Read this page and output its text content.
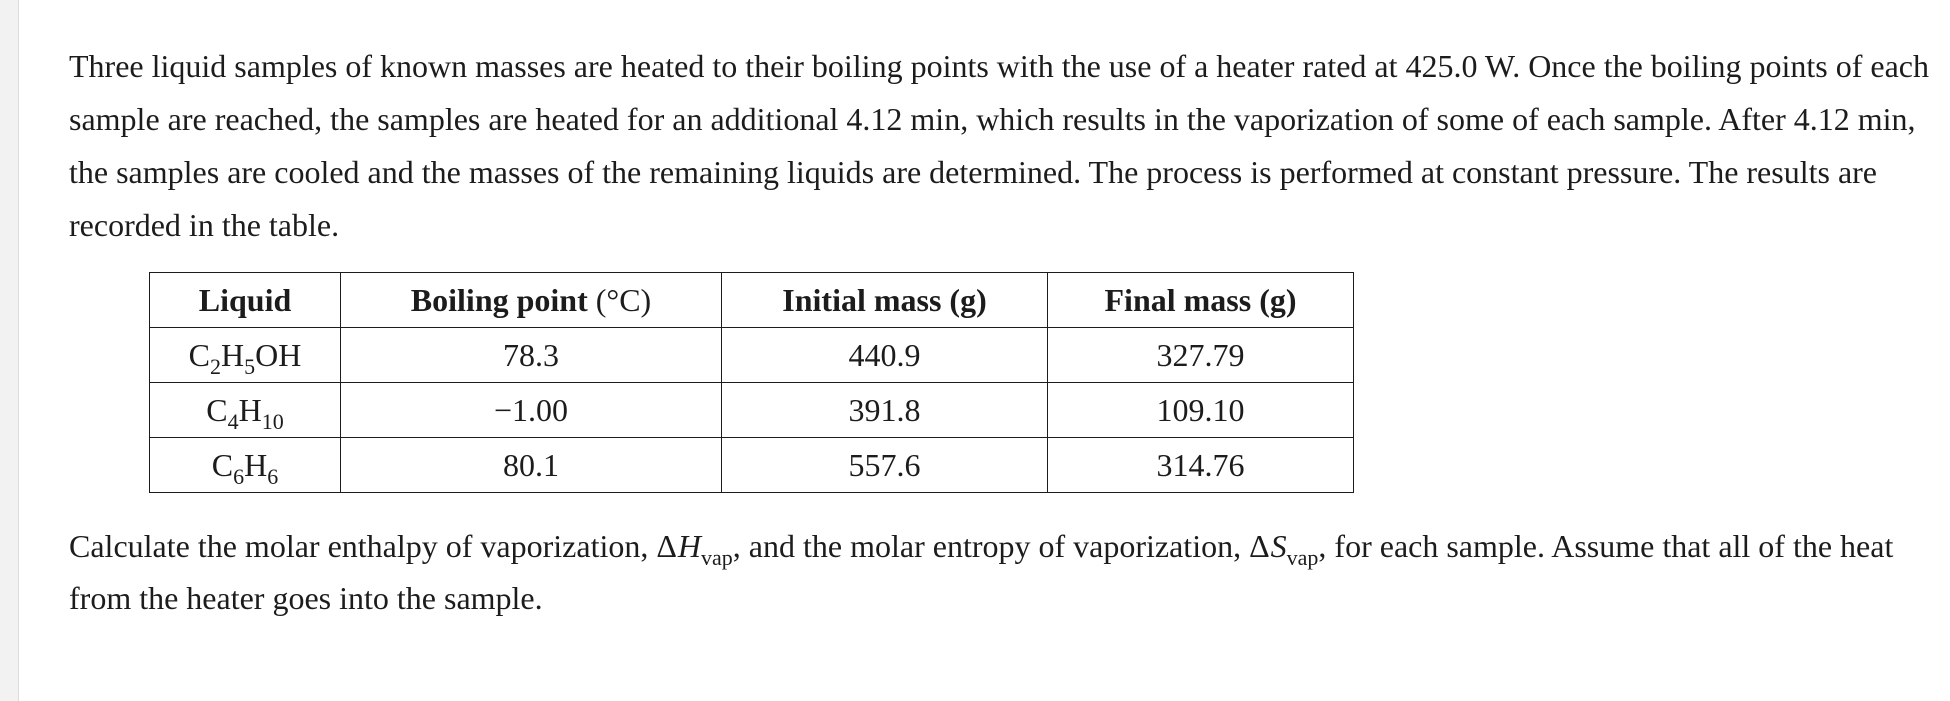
Three liquid samples of known masses are heated to their boiling points with the use of a heater rated at 425.0 W. Once the boiling points of each sample are reached, the samples are heated for an additional 4.12 min, which results in the vaporization of some of each sample. After 4.12 min, the samples are cooled and the masses of the remaining liquids are determined. The process is performed at constant pressure. The results are recorded in the table.

Liquid	Boiling point (°C)	Initial mass (g)	Final mass (g)
$C_2H_5OH$	78.3	440.9	327.79
$C_4H_{10}$	−1.00	391.8	109.10
$C_6H_6$	80.1	557.6	314.76

Calculate the molar enthalpy of vaporization, $\Delta H_{vap}$, and the molar entropy of vaporization, $\Delta S_{vap}$, for each sample. Assume that all of the heat from the heater goes into the sample.
